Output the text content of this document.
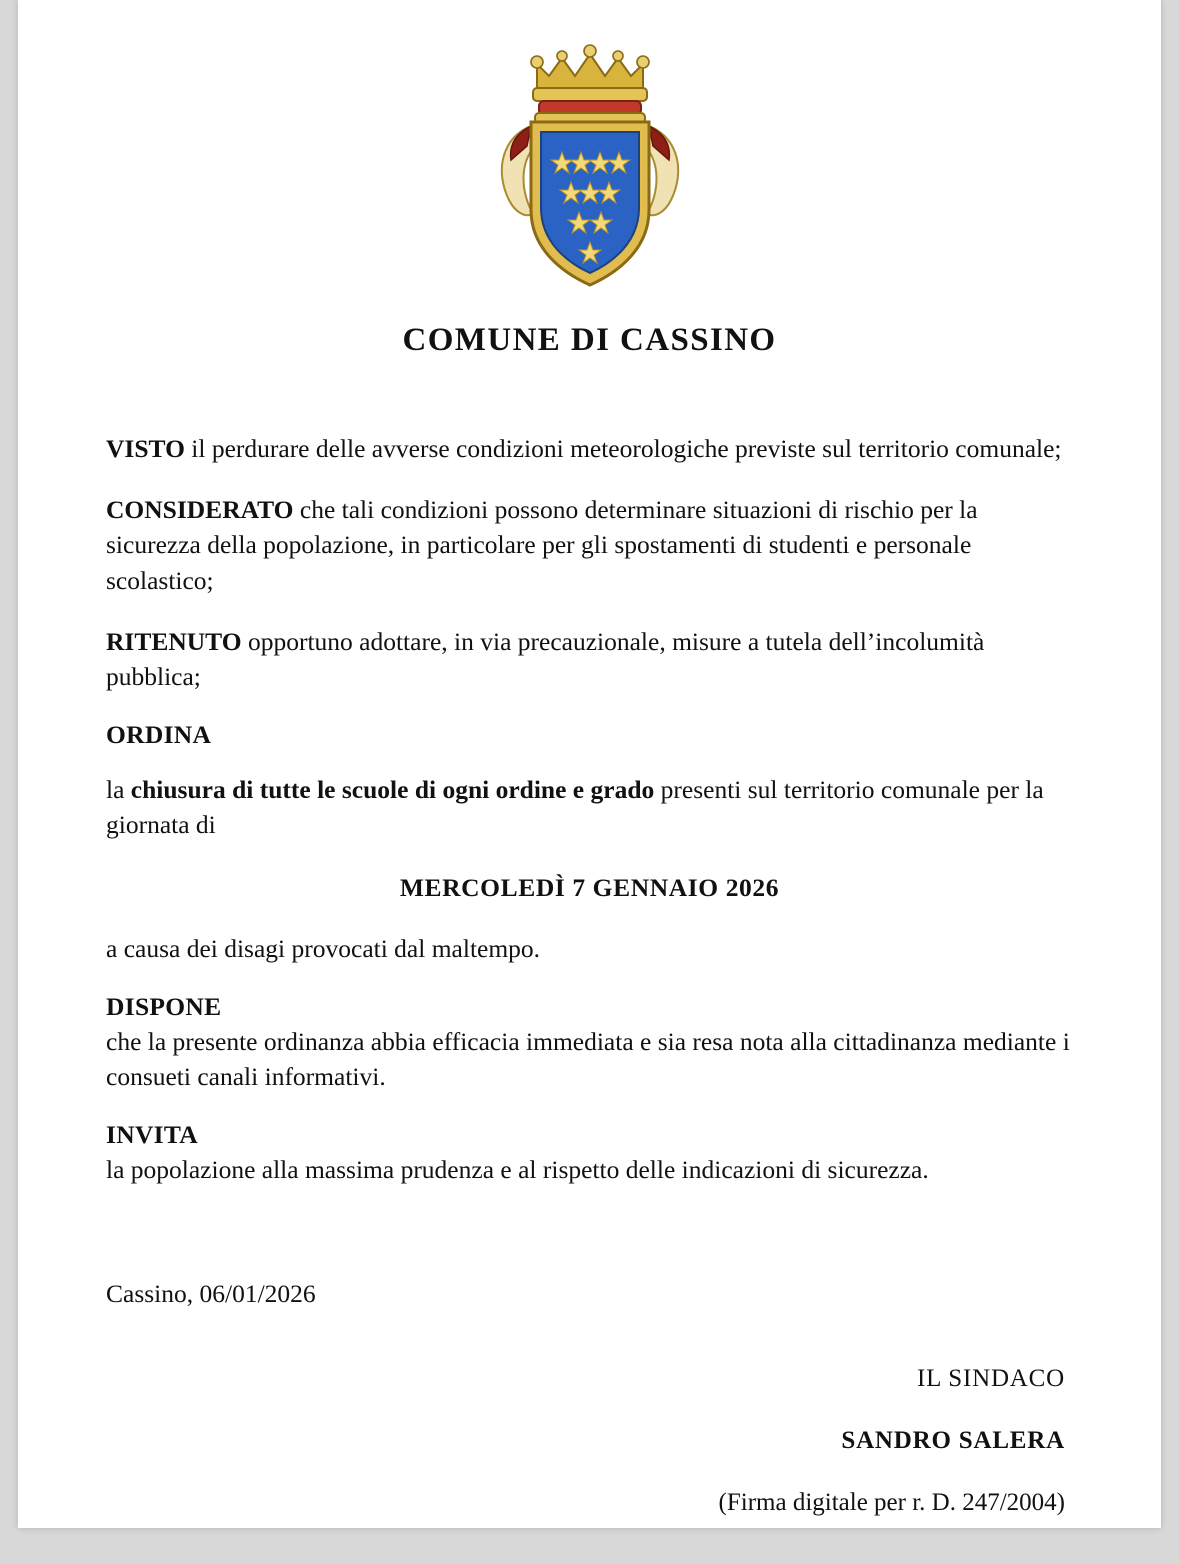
COMUNE DI CASSINO

VISTO il perdurare delle avverse condizioni meteorologiche previste sul territorio comunale;

CONSIDERATO che tali condizioni possono determinare situazioni di rischio per la sicurezza della popolazione, in particolare per gli spostamenti di studenti e personale scolastico;

RITENUTO opportuno adottare, in via precauzionale, misure a tutela dell’incolumità pubblica;

ORDINA

la chiusura di tutte le scuole di ogni ordine e grado presenti sul territorio comunale per la giornata di

MERCOLEDÌ 7 GENNAIO 2026

a causa dei disagi provocati dal maltempo.

DISPONE

che la presente ordinanza abbia efficacia immediata e sia resa nota alla cittadinanza mediante i consueti canali informativi.

INVITA

la popolazione alla massima prudenza e al rispetto delle indicazioni di sicurezza.

Cassino, 06/01/2026

IL SINDACO
SANDRO SALERA
(Firma digitale per r. D. 247/2004)
